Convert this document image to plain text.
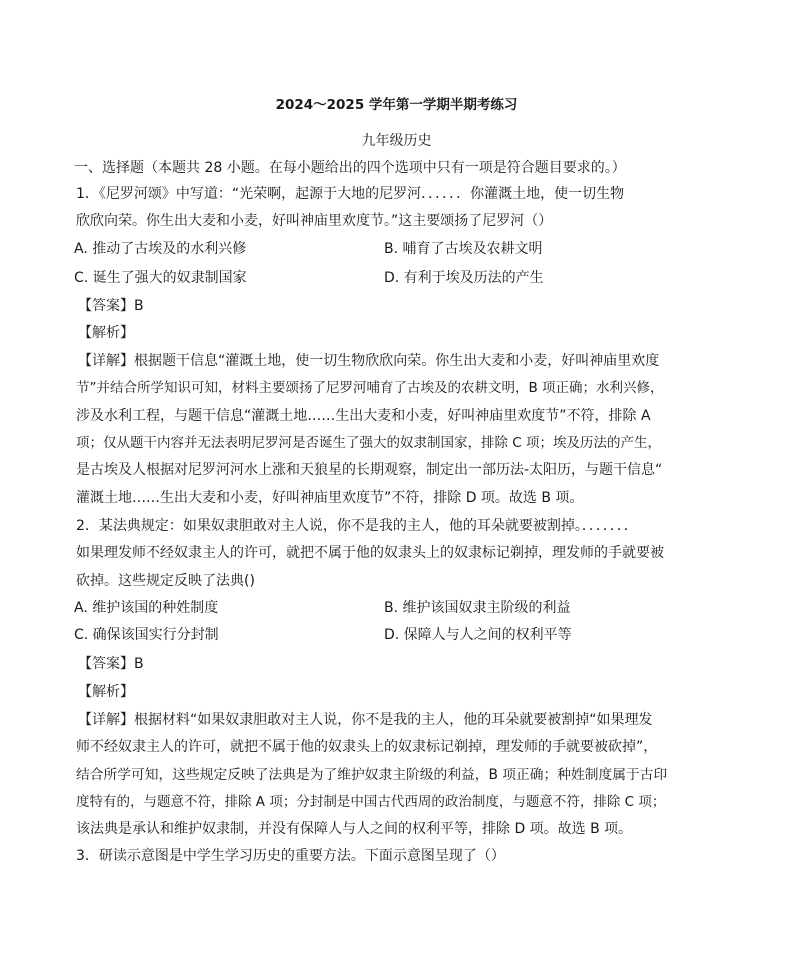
2024～2025 学年第一学期半期考练习
九年级历史
一、选择题（本题共 28 小题。在每小题给出的四个选项中只有一项是符合题目要求的。）
1．《尼罗河颂》中写道：“光荣啊，起源于大地的尼罗河．．．．．．你灌溉土地，使一切生物
欣欣向荣。你生出大麦和小麦，好叫神庙里欢度节。”这主要颂扬了尼罗河（）
A. 推动了古埃及的水利兴修	B. 哺育了古埃及农耕文明
C. 诞生了强大的奴隶制国家	D. 有利于埃及历法的产生
【答案】B
【解析】
【详解】根据题干信息“灌溉土地，使一切生物欣欣向荣。你生出大麦和小麦，好叫神庙里欢度
节”并结合所学知识可知，材料主要颂扬了尼罗河哺育了古埃及的农耕文明，B 项正确；水利兴修，
涉及水利工程，与题干信息“灌溉土地……生出大麦和小麦，好叫神庙里欢度节”不符，排除 A
项；仅从题干内容并无法表明尼罗河是否诞生了强大的奴隶制国家，排除 C 项；埃及历法的产生，
是古埃及人根据对尼罗河河水上涨和天狼星的长期观察，制定出一部历法-太阳历，与题干信息“
灌溉土地……生出大麦和小麦，好叫神庙里欢度节”不符，排除 D 项。故选 B 项。
2．某法典规定：如果奴隶胆敢对主人说，你不是我的主人，他的耳朵就要被割掉。．．．．．．．
如果理发师不经奴隶主人的许可，就把不属于他的奴隶头上的奴隶标记剃掉，理发师的手就要被
砍掉。这些规定反映了法典()
A. 维护该国的种姓制度	B. 维护该国奴隶主阶级的利益
C. 确保该国实行分封制	D. 保障人与人之间的权利平等
【答案】B
【解析】
【详解】根据材料“如果奴隶胆敢对主人说，你不是我的主人，他的耳朵就要被割掉“如果理发
师不经奴隶主人的许可，就把不属于他的奴隶头上的奴隶标记剃掉，理发师的手就要被砍掉”，
结合所学可知，这些规定反映了法典是为了维护奴隶主阶级的利益，B 项正确；种姓制度属于古印
度特有的，与题意不符，排除 A 项；分封制是中国古代西周的政治制度，与题意不符，排除 C 项；
该法典是承认和维护奴隶制，并没有保障人与人之间的权利平等，排除 D 项。故选 B 项。
3．研读示意图是中学生学习历史的重要方法。下面示意图呈现了（）
